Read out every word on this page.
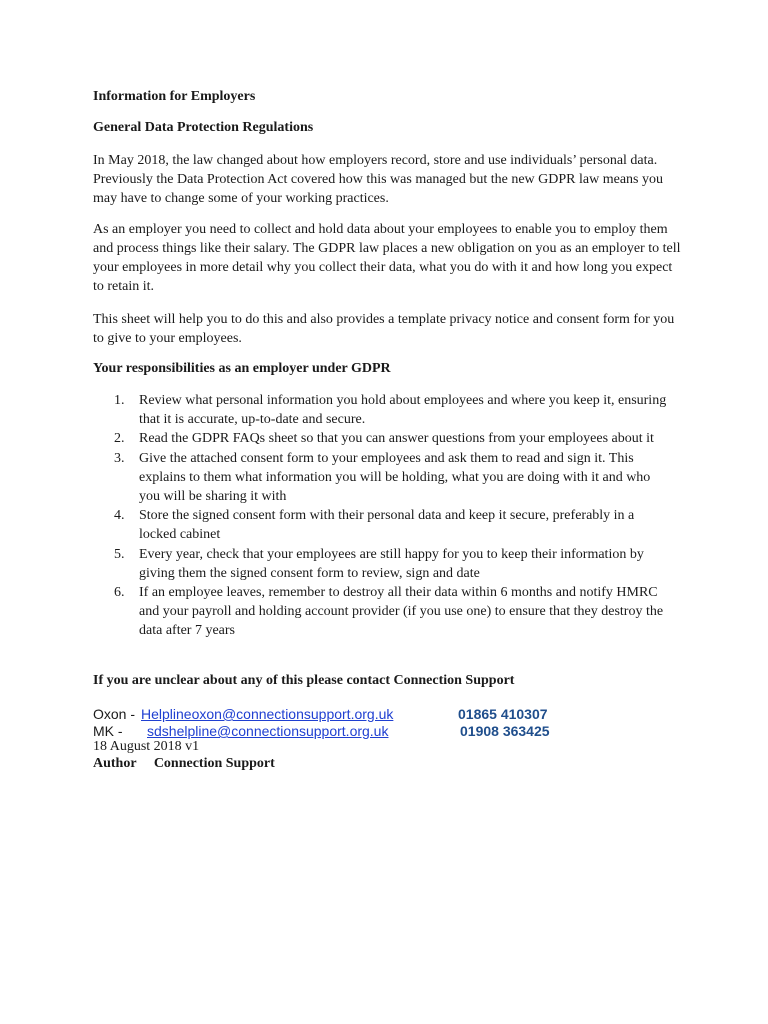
Information for Employers
General Data Protection Regulations

In May 2018, the law changed about how employers record, store and use individuals’ personal data. Previously the Data Protection Act covered how this was managed but the new GDPR law means you may have to change some of your working practices.

As an employer you need to collect and hold data about your employees to enable you to employ them and process things like their salary. The GDPR law places a new obligation on you as an employer to tell your employees in more detail why you collect their data, what you do with it and how long you expect to retain it.

This sheet will help you to do this and also provides a template privacy notice and consent form for you to give to your employees.

Your responsibilities as an employer under GDPR
1. Review what personal information you hold about employees and where you keep it, ensuring that it is accurate, up-to-date and secure.
2. Read the GDPR FAQs sheet so that you can answer questions from your employees about it
3. Give the attached consent form to your employees and ask them to read and sign it. This explains to them what information you will be holding, what you are doing with it and who you will be sharing it with
4. Store the signed consent form with their personal data and keep it secure, preferably in a locked cabinet
5. Every year, check that your employees are still happy for you to keep their information by giving them the signed consent form to review, sign and date
6. If an employee leaves, remember to destroy all their data within 6 months and notify HMRC and your payroll and holding account provider (if you use one) to ensure that they destroy the data after 7 years
If you are unclear about any of this please contact Connection Support
Oxon - Helplineoxon@connectionsupport.org.uk	01865 410307
MK - sdshelpline@connectionsupport.org.uk	01908 363425
18 August 2018 v1
Author Connection Support
